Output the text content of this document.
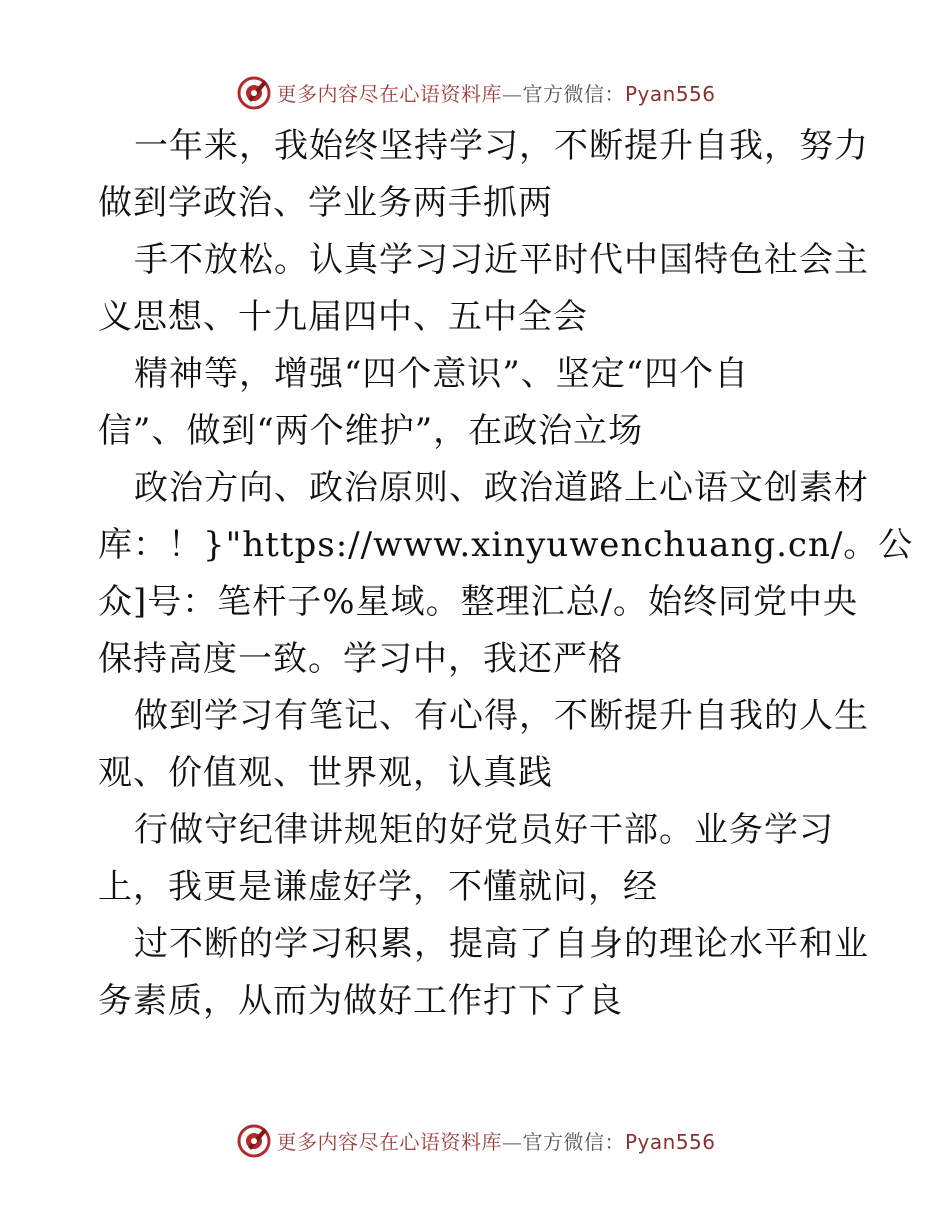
更多内容尽在心语资料库—官方微信：Pyan556
一年来，我始终坚持学习，不断提升自我，努力
做到学政治、学业务两手抓两
手不放松。认真学习习近平时代中国特色社会主
义思想、十九届四中、五中全会
精神等，增强“四个意识”、坚定“四个自
信”、做到“两个维护”，在政治立场
政治方向、政治原则、政治道路上心语文创素材
库：！}"https://www.xinyuwenchuang.cn/。公
众]号：笔杆子%星域。整理汇总/。始终同党中央
保持高度一致。学习中，我还严格
做到学习有笔记、有心得，不断提升自我的人生
观、价值观、世界观，认真践
行做守纪律讲规矩的好党员好干部。业务学习
上，我更是谦虚好学，不懂就问，经
过不断的学习积累，提高了自身的理论水平和业
务素质，从而为做好工作打下了良
更多内容尽在心语资料库—官方微信：Pyan556
